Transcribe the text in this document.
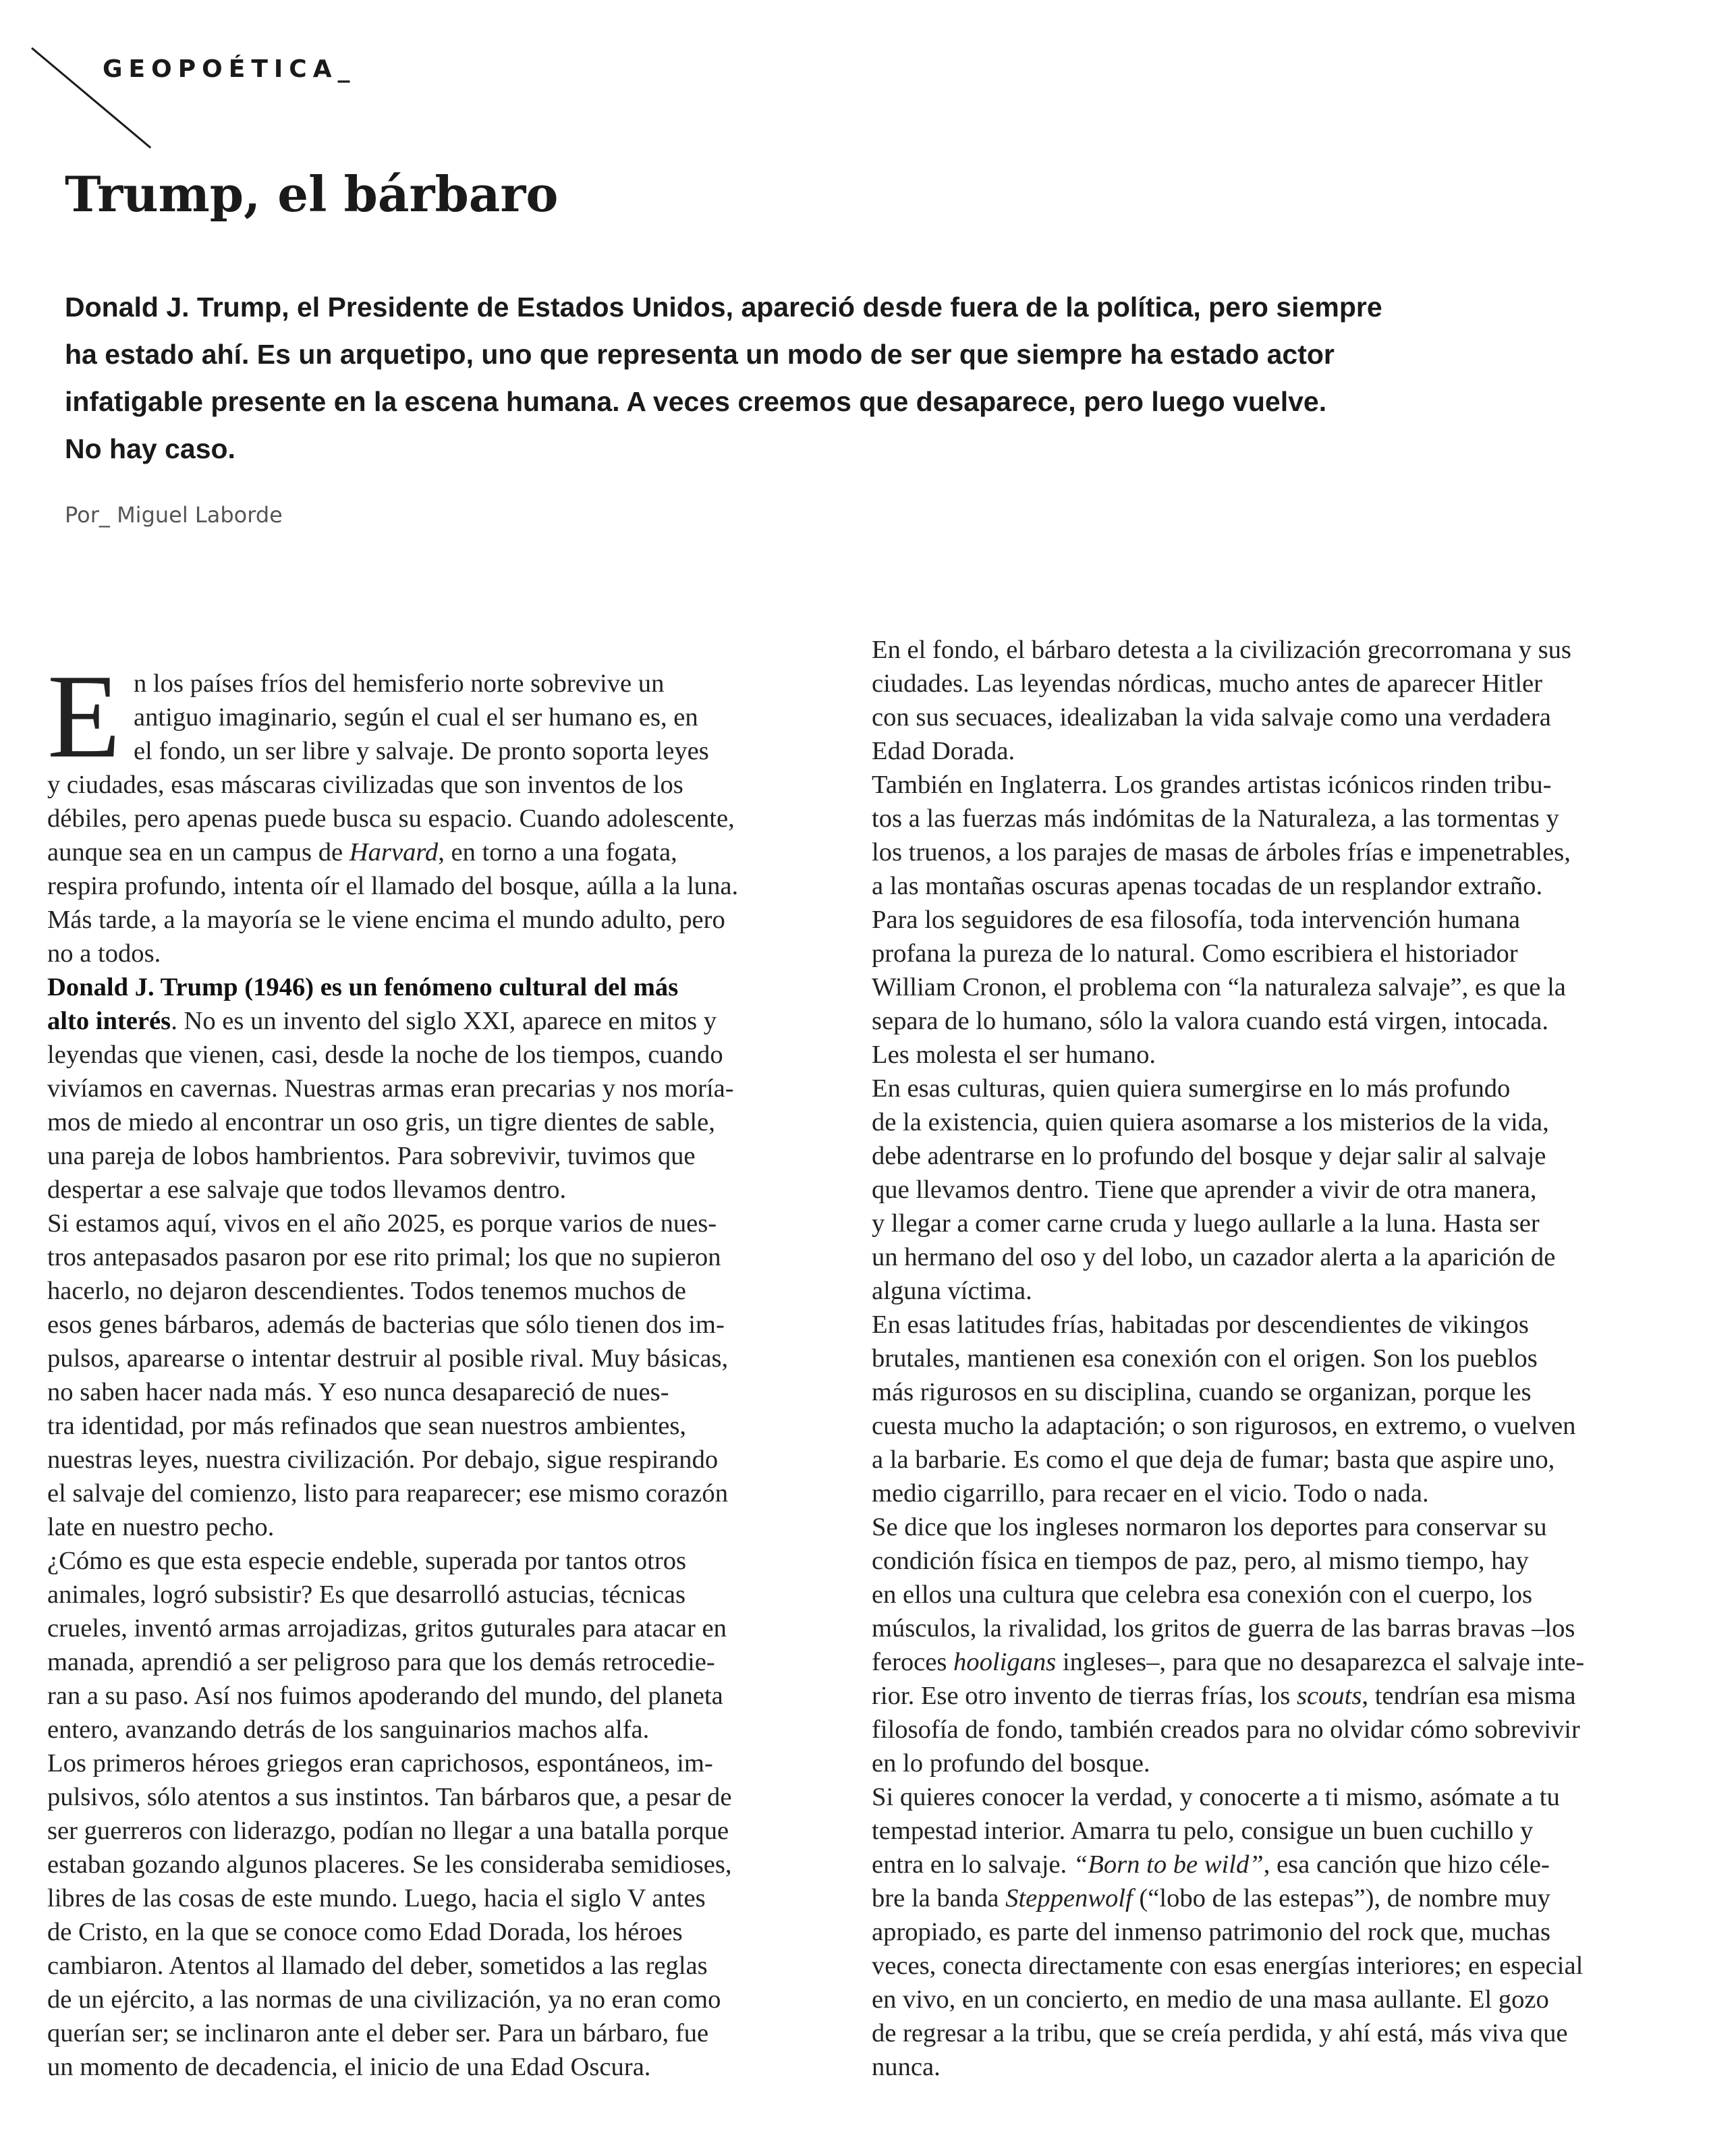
GEOPOÉTICA_
Trump, el bárbaro
Donald J. Trump, el Presidente de Estados Unidos, apareció desde fuera de la política, pero siempre
ha estado ahí. Es un arquetipo, uno que representa un modo de ser que siempre ha estado actor
infatigable presente en la escena humana. A veces creemos que desaparece, pero luego vuelve.
No hay caso.
Por_ Miguel Laborde
E n los países fríos del hemisferio norte sobrevive un
antiguo imaginario, según el cual el ser humano es, en
el fondo, un ser libre y salvaje. De pronto soporta leyes
y ciudades, esas máscaras civilizadas que son inventos de los
débiles, pero apenas puede busca su espacio. Cuando adolescente,
aunque sea en un campus de Harvard, en torno a una fogata,
respira profundo, intenta oír el llamado del bosque, aúlla a la luna.
Más tarde, a la mayoría se le viene encima el mundo adulto, pero
no a todos.
Donald J. Trump (1946) es un fenómeno cultural del más
alto interés. No es un invento del siglo XXI, aparece en mitos y
leyendas que vienen, casi, desde la noche de los tiempos, cuando
vivíamos en cavernas. Nuestras armas eran precarias y nos moría-
mos de miedo al encontrar un oso gris, un tigre dientes de sable,
una pareja de lobos hambrientos. Para sobrevivir, tuvimos que
despertar a ese salvaje que todos llevamos dentro.
Si estamos aquí, vivos en el año 2025, es porque varios de nues-
tros antepasados pasaron por ese rito primal; los que no supieron
hacerlo, no dejaron descendientes. Todos tenemos muchos de
esos genes bárbaros, además de bacterias que sólo tienen dos im-
pulsos, aparearse o intentar destruir al posible rival. Muy básicas,
no saben hacer nada más. Y eso nunca desapareció de nues-
tra identidad, por más refinados que sean nuestros ambientes,
nuestras leyes, nuestra civilización. Por debajo, sigue respirando
el salvaje del comienzo, listo para reaparecer; ese mismo corazón
late en nuestro pecho.
¿Cómo es que esta especie endeble, superada por tantos otros
animales, logró subsistir? Es que desarrolló astucias, técnicas
crueles, inventó armas arrojadizas, gritos guturales para atacar en
manada, aprendió a ser peligroso para que los demás retrocedie-
ran a su paso. Así nos fuimos apoderando del mundo, del planeta
entero, avanzando detrás de los sanguinarios machos alfa.
Los primeros héroes griegos eran caprichosos, espontáneos, im-
pulsivos, sólo atentos a sus instintos. Tan bárbaros que, a pesar de
ser guerreros con liderazgo, podían no llegar a una batalla porque
estaban gozando algunos placeres. Se les consideraba semidioses,
libres de las cosas de este mundo. Luego, hacia el siglo V antes
de Cristo, en la que se conoce como Edad Dorada, los héroes
cambiaron. Atentos al llamado del deber, sometidos a las reglas
de un ejército, a las normas de una civilización, ya no eran como
querían ser; se inclinaron ante el deber ser. Para un bárbaro, fue
un momento de decadencia, el inicio de una Edad Oscura.
En el fondo, el bárbaro detesta a la civilización grecorromana y sus
ciudades. Las leyendas nórdicas, mucho antes de aparecer Hitler
con sus secuaces, idealizaban la vida salvaje como una verdadera
Edad Dorada.
También en Inglaterra. Los grandes artistas icónicos rinden tribu-
tos a las fuerzas más indómitas de la Naturaleza, a las tormentas y
los truenos, a los parajes de masas de árboles frías e impenetrables,
a las montañas oscuras apenas tocadas de un resplandor extraño.
Para los seguidores de esa filosofía, toda intervención humana
profana la pureza de lo natural. Como escribiera el historiador
William Cronon, el problema con “la naturaleza salvaje”, es que la
separa de lo humano, sólo la valora cuando está virgen, intocada.
Les molesta el ser humano.
En esas culturas, quien quiera sumergirse en lo más profundo
de la existencia, quien quiera asomarse a los misterios de la vida,
debe adentrarse en lo profundo del bosque y dejar salir al salvaje
que llevamos dentro. Tiene que aprender a vivir de otra manera,
y llegar a comer carne cruda y luego aullarle a la luna. Hasta ser
un hermano del oso y del lobo, un cazador alerta a la aparición de
alguna víctima.
En esas latitudes frías, habitadas por descendientes de vikingos
brutales, mantienen esa conexión con el origen. Son los pueblos
más rigurosos en su disciplina, cuando se organizan, porque les
cuesta mucho la adaptación; o son rigurosos, en extremo, o vuelven
a la barbarie. Es como el que deja de fumar; basta que aspire uno,
medio cigarrillo, para recaer en el vicio. Todo o nada.
Se dice que los ingleses normaron los deportes para conservar su
condición física en tiempos de paz, pero, al mismo tiempo, hay
en ellos una cultura que celebra esa conexión con el cuerpo, los
músculos, la rivalidad, los gritos de guerra de las barras bravas –los
feroces hooligans ingleses–, para que no desaparezca el salvaje inte-
rior. Ese otro invento de tierras frías, los scouts, tendrían esa misma
filosofía de fondo, también creados para no olvidar cómo sobrevivir
en lo profundo del bosque.
Si quieres conocer la verdad, y conocerte a ti mismo, asómate a tu
tempestad interior. Amarra tu pelo, consigue un buen cuchillo y
entra en lo salvaje. “Born to be wild”, esa canción que hizo céle-
bre la banda Steppenwolf (“lobo de las estepas”), de nombre muy
apropiado, es parte del inmenso patrimonio del rock que, muchas
veces, conecta directamente con esas energías interiores; en especial
en vivo, en un concierto, en medio de una masa aullante. El gozo
de regresar a la tribu, que se creía perdida, y ahí está, más viva que
nunca.
